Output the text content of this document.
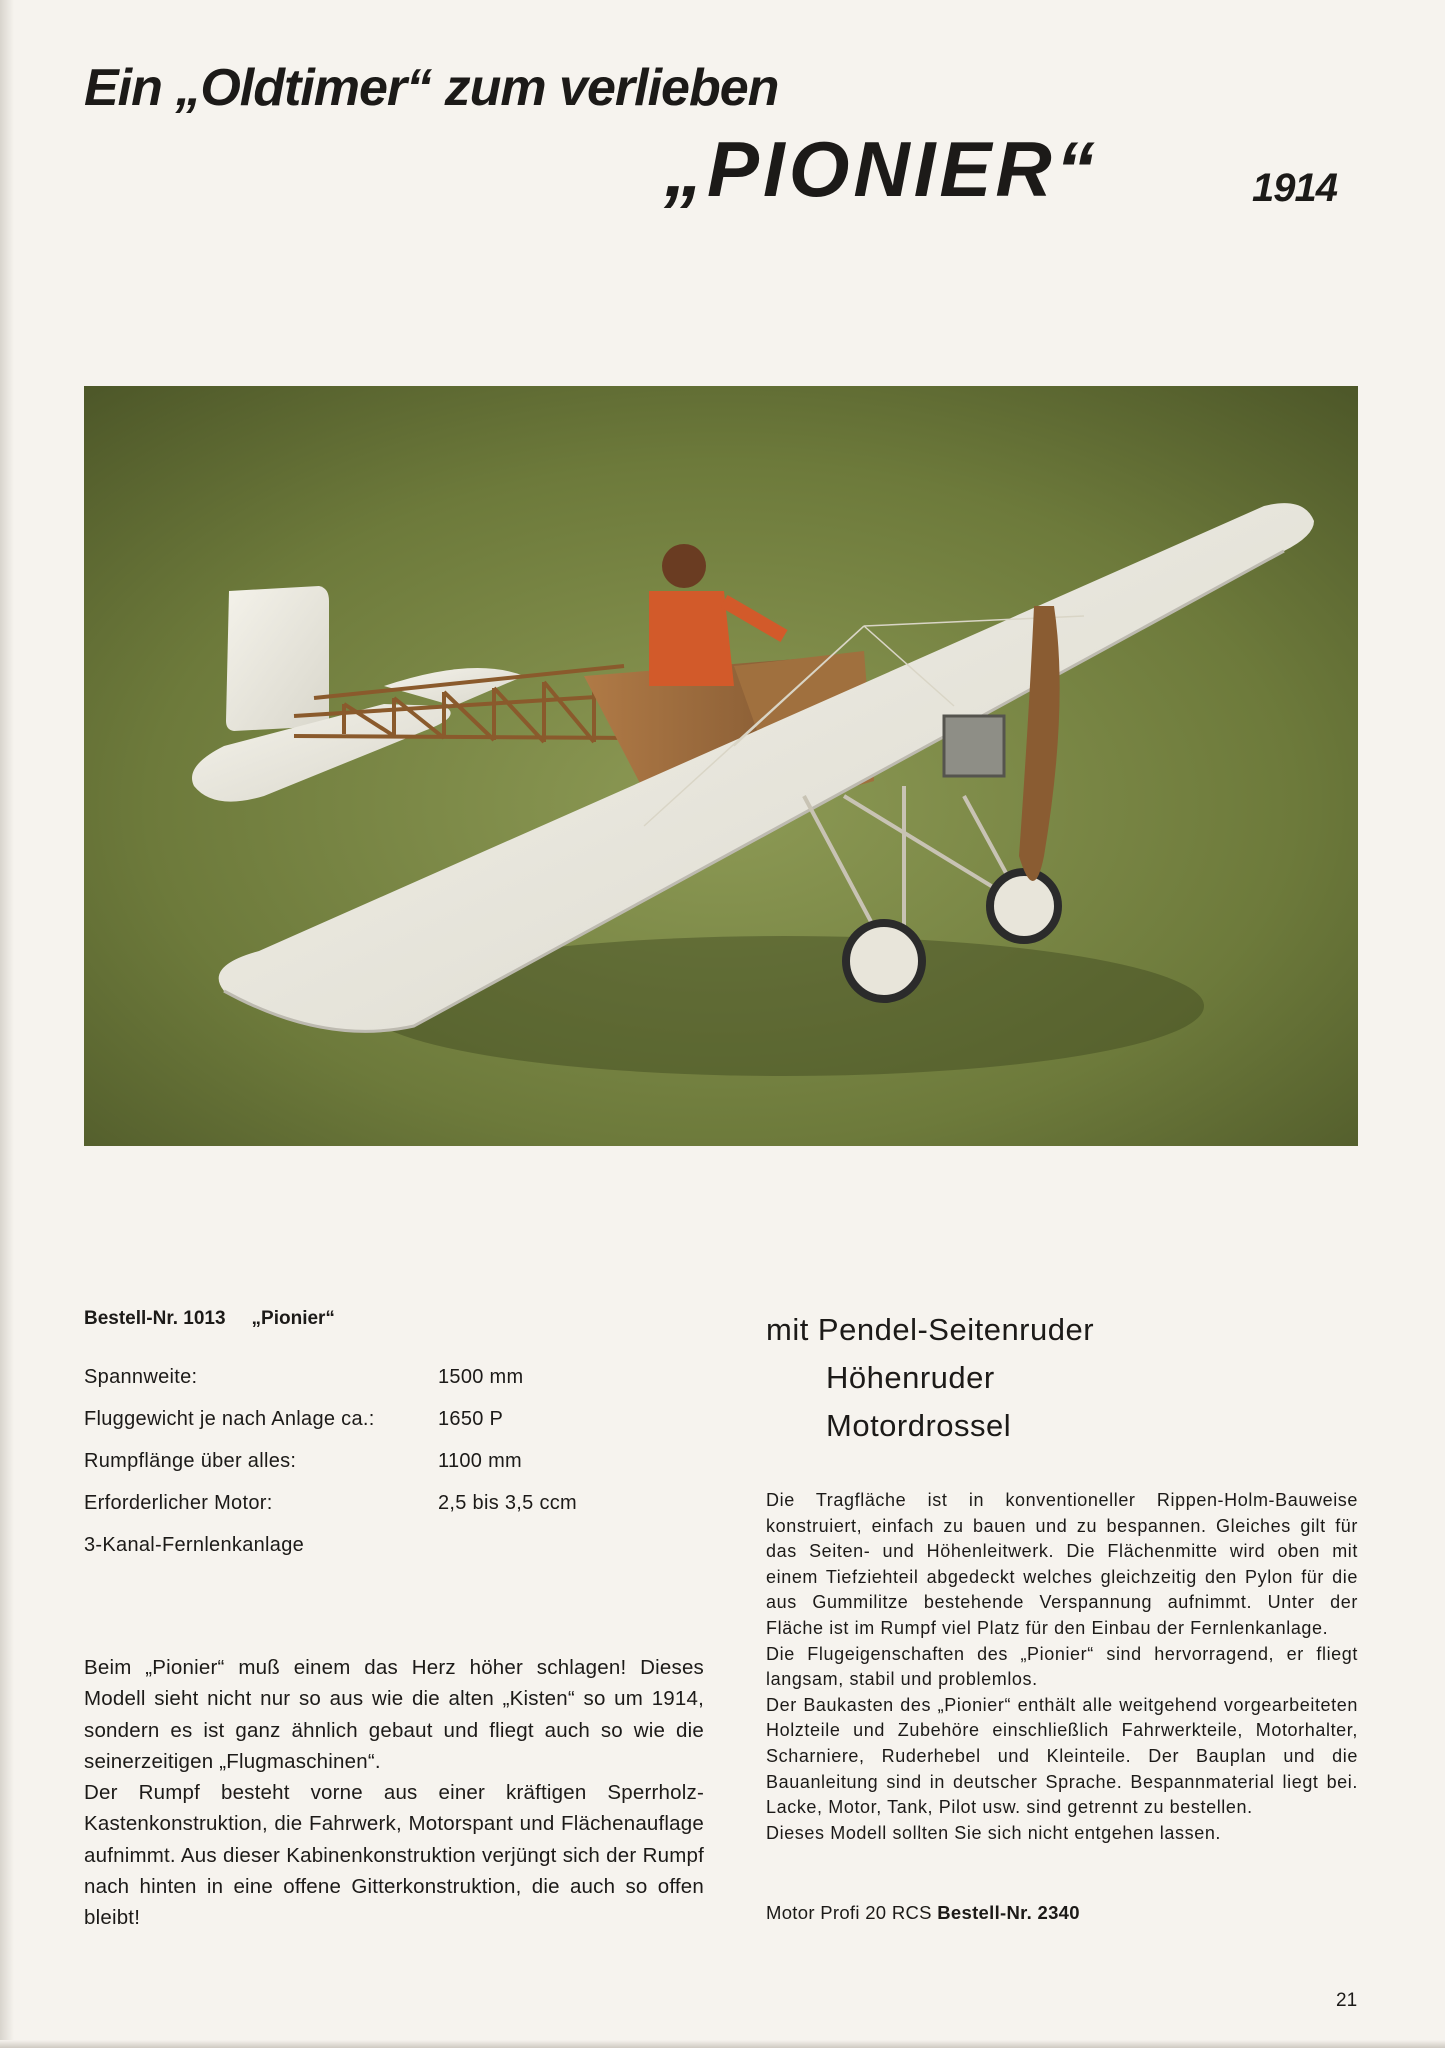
Ein „Oldtimer“ zum verlieben
„PIONIER“	1914
Bestell-Nr. 1013 „Pionier“
Spannweite:	1500 mm
Fluggewicht je nach Anlage ca.:	1650 P
Rumpflänge über alles:	1100 mm
Erforderlicher Motor:	2,5 bis 3,5 ccm
3-Kanal-Fernlenkanlage

Beim „Pionier“ muß einem das Herz höher schlagen! Dieses Modell sieht nicht nur so aus wie die alten „Kisten“ so um 1914, sondern es ist ganz ähnlich gebaut und fliegt auch so wie die seinerzeitigen „Flugmaschinen“.

Der Rumpf besteht vorne aus einer kräftigen Sperrholz-Kastenkonstruktion, die Fahrwerk, Motorspant und Flächenauflage aufnimmt. Aus dieser Kabinenkonstruktion verjüngt sich der Rumpf nach hinten in eine offene Gitterkonstruktion, die auch so offen bleibt!

mit Pendel-Seitenruder
Höhenruder
Motordrossel

Die Tragfläche ist in konventioneller Rippen-Holm-Bauweise konstruiert, einfach zu bauen und zu bespannen. Gleiches gilt für das Seiten- und Höhenleitwerk. Die Flächenmitte wird oben mit einem Tiefziehteil abgedeckt welches gleichzeitig den Pylon für die aus Gummilitze bestehende Verspannung aufnimmt. Unter der Fläche ist im Rumpf viel Platz für den Einbau der Fernlenkanlage.

Die Flugeigenschaften des „Pionier“ sind hervorragend, er fliegt langsam, stabil und problemlos.

Der Baukasten des „Pionier“ enthält alle weitgehend vorgearbeiteten Holzteile und Zubehöre einschließlich Fahrwerkteile, Motorhalter, Scharniere, Ruderhebel und Kleinteile. Der Bauplan und die Bauanleitung sind in deutscher Sprache. Bespannmaterial liegt bei. Lacke, Motor, Tank, Pilot usw. sind getrennt zu bestellen.

Dieses Modell sollten Sie sich nicht entgehen lassen.

Motor Profi 20 RCS Bestell-Nr. 2340
21
